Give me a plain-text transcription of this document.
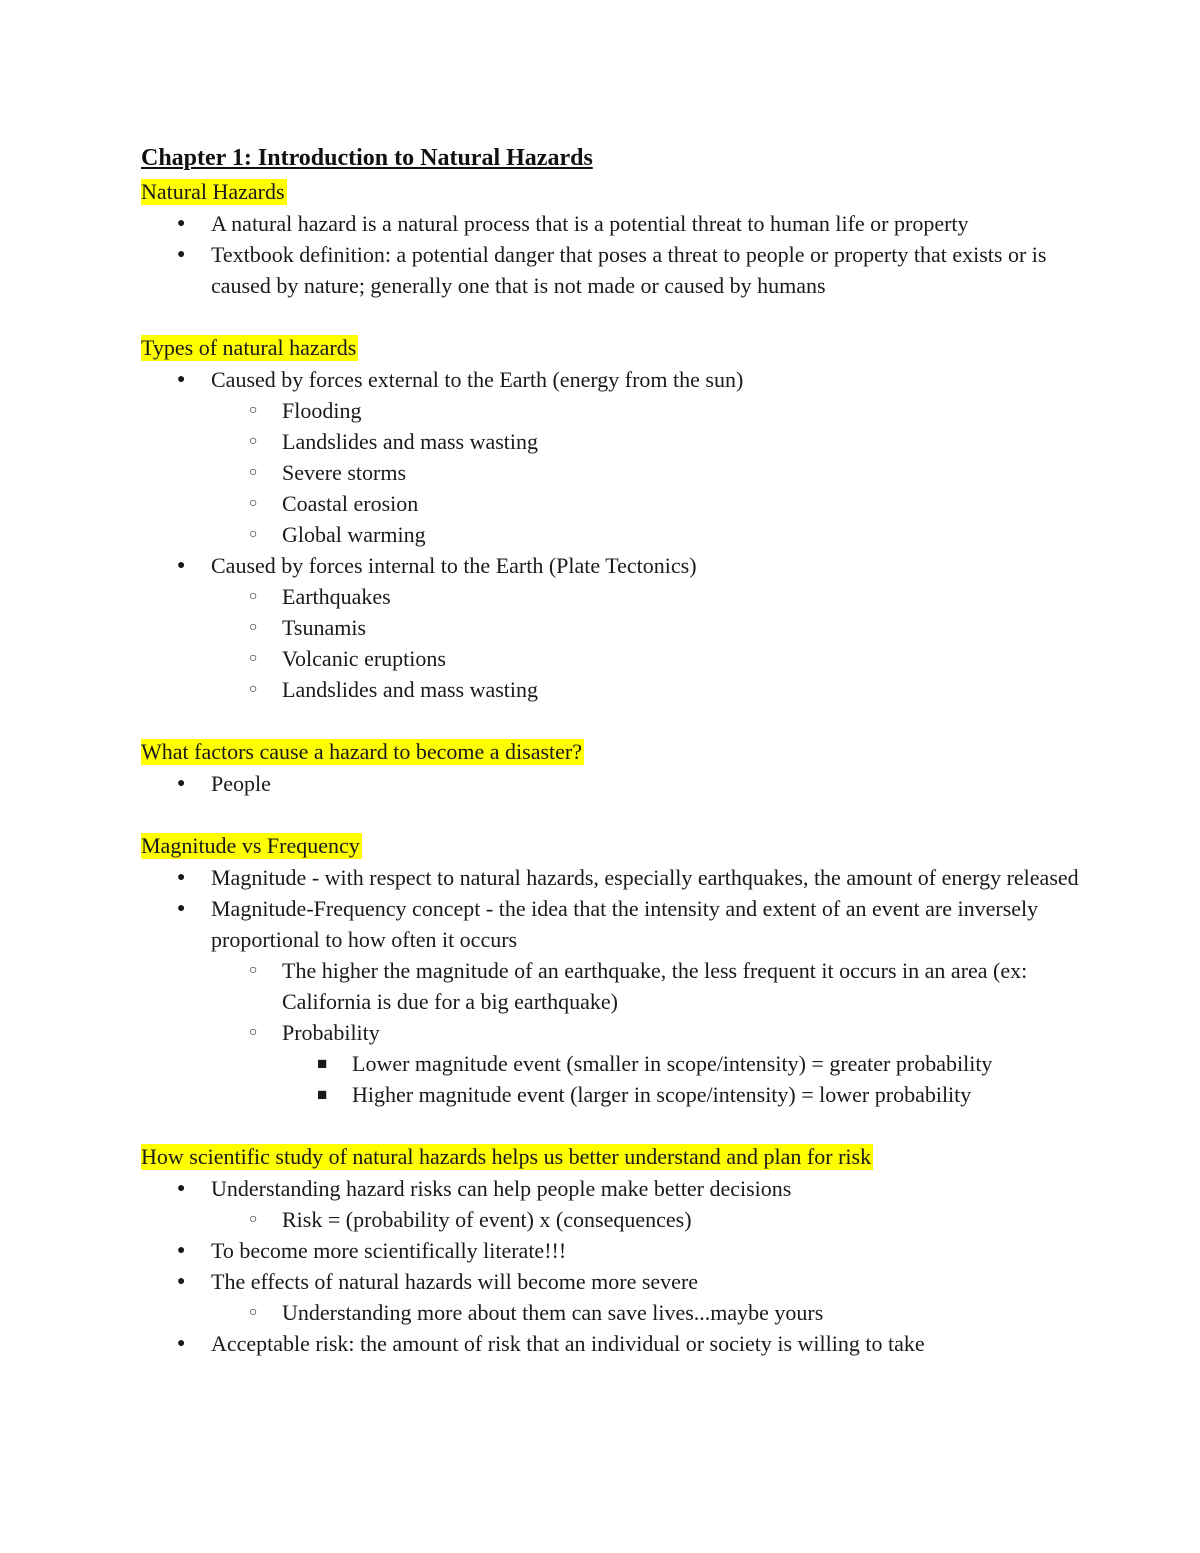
Chapter 1: Introduction to Natural Hazards
Natural Hazards
● A natural hazard is a natural process that is a potential threat to human life or property
● Textbook definition: a potential danger that poses a threat to people or property that exists or is caused by nature; generally one that is not made or caused by humans
Types of natural hazards
● Caused by forces external to the Earth (energy from the sun)
○ Flooding
○ Landslides and mass wasting
○ Severe storms
○ Coastal erosion
○ Global warming
● Caused by forces internal to the Earth (Plate Tectonics)
○ Earthquakes
○ Tsunamis
○ Volcanic eruptions
○ Landslides and mass wasting
What factors cause a hazard to become a disaster?
● People
Magnitude vs Frequency
● Magnitude - with respect to natural hazards, especially earthquakes, the amount of energy released
● Magnitude-Frequency concept - the idea that the intensity and extent of an event are inversely proportional to how often it occurs
○ The higher the magnitude of an earthquake, the less frequent it occurs in an area (ex: California is due for a big earthquake)
○ Probability
■ Lower magnitude event (smaller in scope/intensity) = greater probability
■ Higher magnitude event (larger in scope/intensity) = lower probability
How scientific study of natural hazards helps us better understand and plan for risk
● Understanding hazard risks can help people make better decisions
○ Risk = (probability of event) x (consequences)
● To become more scientifically literate!!!
● The effects of natural hazards will become more severe
○ Understanding more about them can save lives...maybe yours
● Acceptable risk: the amount of risk that an individual or society is willing to take
